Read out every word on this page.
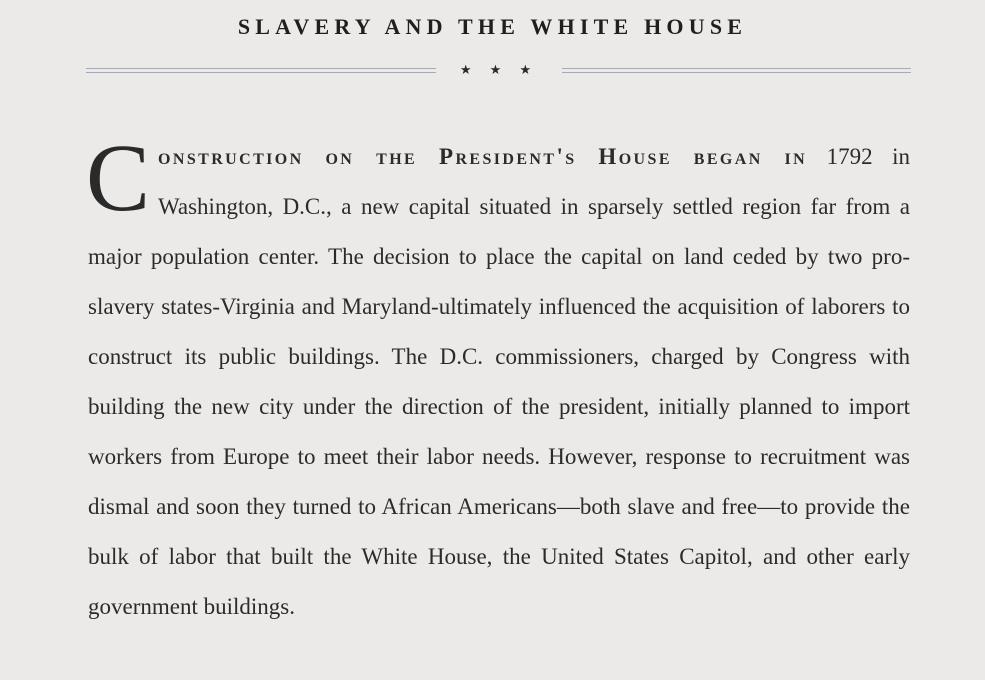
SLAVERY AND THE WHITE HOUSE
★ ★ ★
C onstruction on the President's House began in 1792 in Washington, D.C., a new capital situated in sparsely settled region far from a major population center. The decision to place the capital on land ceded by two pro-slavery states-Virginia and Maryland-ultimately influenced the acquisition of laborers to construct its public buildings. The D.C. commissioners, charged by Congress with building the new city under the direction of the president, initially planned to import workers from Europe to meet their labor needs. However, response to recruitment was dismal and soon they turned to African Americans—both slave and free—to provide the bulk of labor that built the White House, the United States Capitol, and other early government buildings.
